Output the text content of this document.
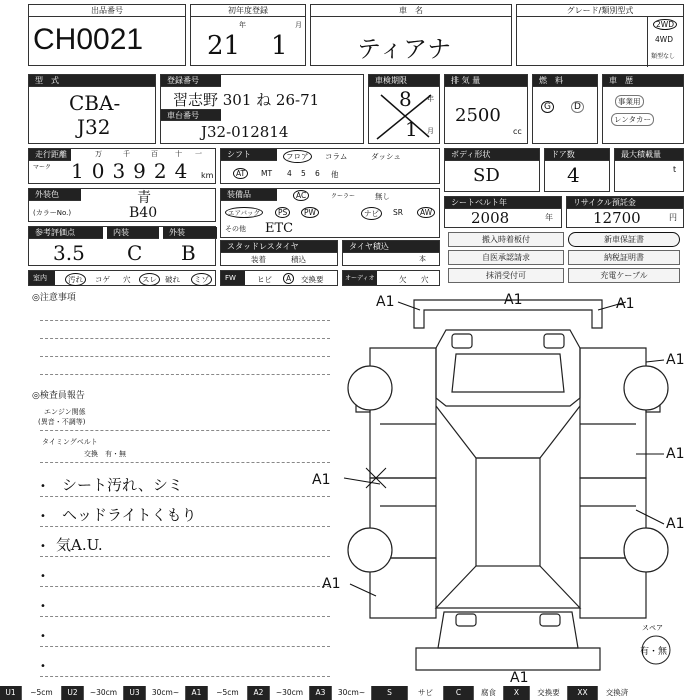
出品番号
CH0021
初年度登録
年	月
21 1
車　名
ティアナ
グレード/類別型式
2WD
4WD
類型なし
型　式
CBA-
J32
登録番号
習志野 301 ね 26-71
車台番号
J32-012814
車検期限
年
月
8
1
排 気 量
2500
cc
燃　料
G	D
車　歴
事業用
レンタカー
走行距離
マーク
万	千	百 十 一
103924 km
シフト	フロア	コラム	ダッシュ
AT	MT 4 5 6 他
ボディ形状
SD
ドア数
4
最大積載量
t
外装色	青
(カラーNo.)	B40
装備品	AC	クーラー	無し
エアバッグ	PS	PW	ナビ	SR	AW
その他 ETC
シートベルト年
2008	年
リサイクル預託金
12700	円
参考評価点	内装	外装
3.5 C B	スタッドレスタイヤ
装着	積込
タイヤ積込
本
搬入時着板付	新車保証書
自医承認請求	納税証明書
抹消受付可	充電ケーブル
室内	汚れ	コゲ 穴	スレ	破れ	ミゾ	FW	ヒビ	A	交換要	オーディオ	欠 穴
◎注意事項
◎検査員報告
エンジン関係
(異音・不調等)
タイミングベルト
交換　有・無
• シート汚れ、シミ
• ヘッドライトくもり
• 気A.U.
•
•
•
•
スペア
有・無
A1	A1	A1
A1
A1
A1
A1
A1
A1
U1	~5cm	U2	~30cm	U3	30cm~	A1	~5cm	A2	~30cm	A3	30cm~	S	サビ	C	腐食	X	交換要	XX	交換済
